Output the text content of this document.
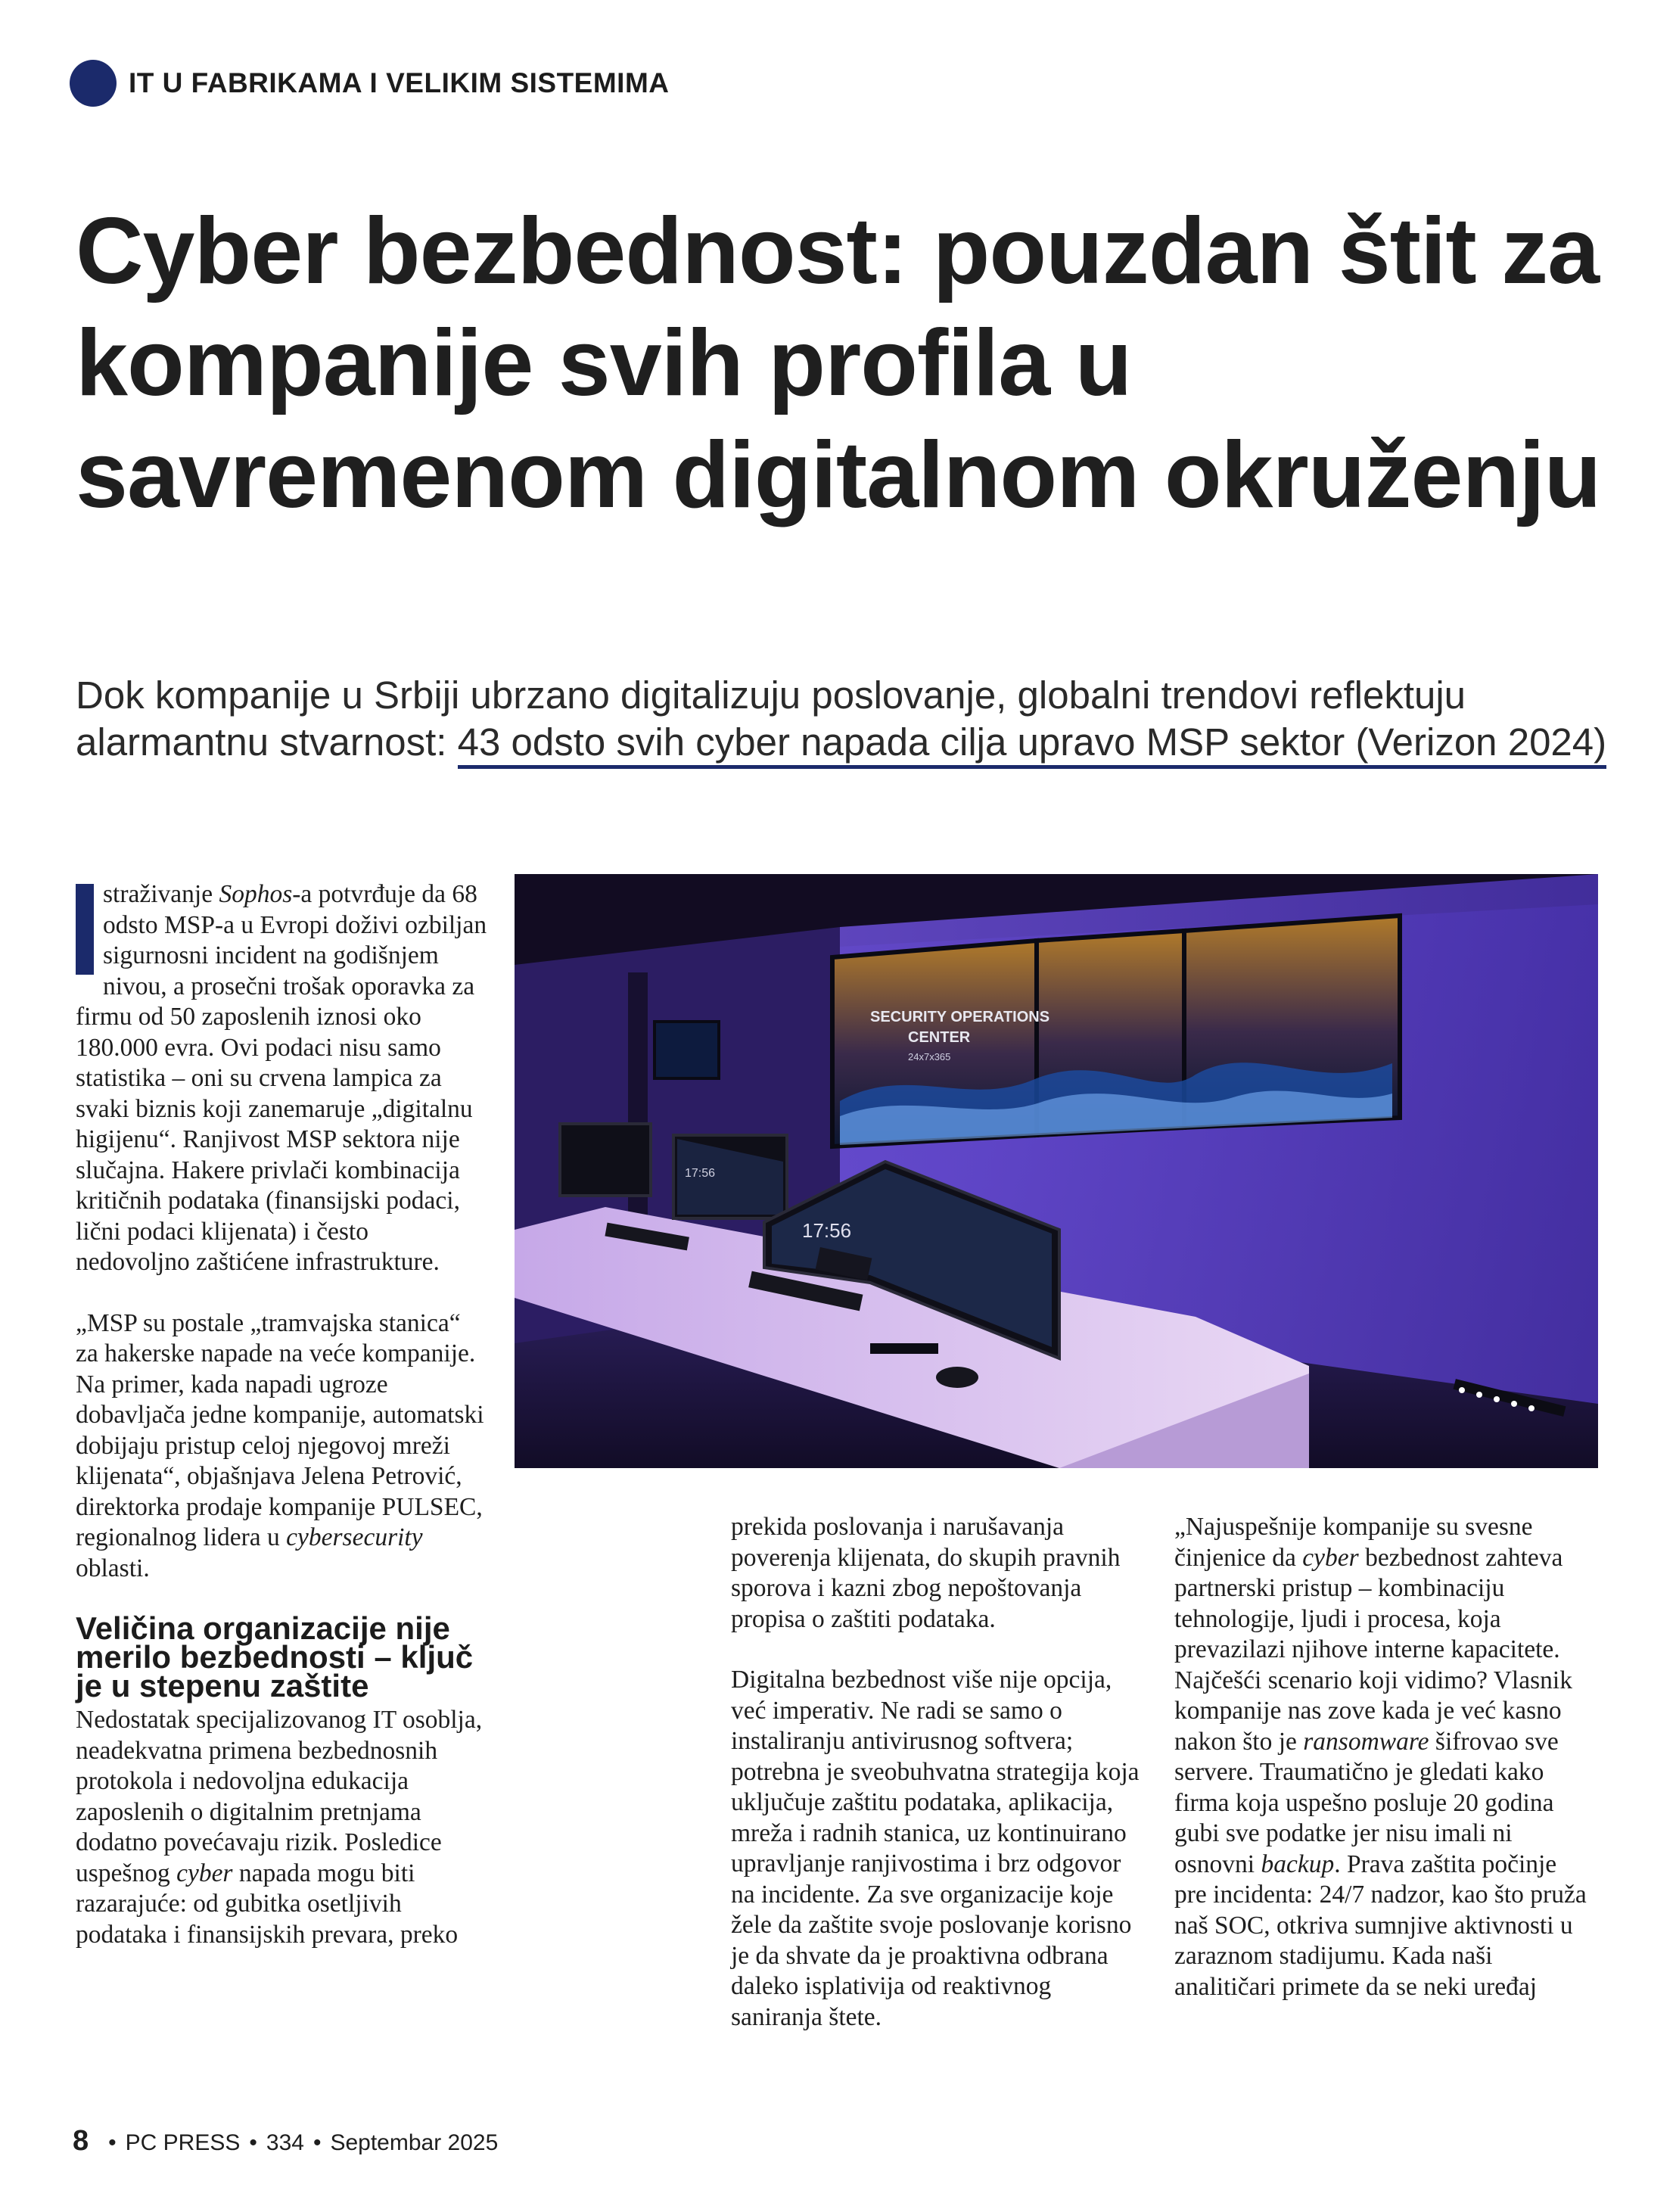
IT U FABRIKAMA I VELIKIM SISTEMIMA
Cyber bezbednost: pouzdan štit za kompanije svih profila u savremenom digitalnom okruženju

Dok kompanije u Srbiji ubrzano digitalizuju poslovanje, globalni trendovi reflektuju alarmantnu stvarnost: 43 odsto svih cyber napada cilja upravo MSP sektor (Verizon 2024)

straživanje Sophos-a potvrđuje da 68 odsto MSP-a u Evropi doživi ozbiljan sigurnosni incident na godišnjem nivou, a prosečni trošak oporavka za firmu od 50 zaposlenih iznosi oko 180.000 evra. Ovi podaci nisu samo statistika – oni su crvena lampica za svaki biznis koji zanemaruje „digitalnu higijenu“. Ranjivost MSP sektora nije slučajna. Hakere privlači kombinacija kritičnih podataka (finansijski podaci, lični podaci klijenata) i često nedovoljno zaštićene infrastrukture.

„MSP su postale „tramvajska stanica“ za hakerske napade na veće kompanije. Na primer, kada napadi ugroze dobavljača jedne kompanije, automatski dobijaju pristup celoj njegovoj mreži klijenata“, objašnjava Jelena Petrović, direktorka prodaje kompanije PULSEC, regionalnog lidera u cybersecurity oblasti.

Veličina organizacije nije merilo bezbednosti – ključ je u stepenu zaštite

Nedostatak specijalizovanog IT osoblja, neadekvatna primena bezbednosnih protokola i nedovoljna edukacija zaposlenih o digitalnim pretnjama dodatno povećavaju rizik. Posledice uspešnog cyber napada mogu biti razarajuće: od gubitka osetljivih podataka i finansijskih prevara, preko

SECURITY OPERATIONS
CENTER
24x7x365
17:56
17:56

prekida poslovanja i narušavanja poverenja klijenata, do skupih pravnih sporova i kazni zbog nepoštovanja propisa o zaštiti podataka.

Digitalna bezbednost više nije opcija, već imperativ. Ne radi se samo o instaliranju antivirusnog softvera; potrebna je sveobuhvatna strategija koja uključuje zaštitu podataka, aplikacija, mreža i radnih stanica, uz kontinuirano upravljanje ranjivostima i brz odgovor na incidente. Za sve organizacije koje žele da zaštite svoje poslovanje korisno je da shvate da je proaktivna odbrana daleko isplativija od reaktivnog saniranja štete.

„Najuspešnije kompanije su svesne činjenice da cyber bezbednost zahteva partnerski pristup – kombinaciju tehnologije, ljudi i procesa, koja prevazilazi njihove interne kapacitete. Najčešći scenario koji vidimo? Vlasnik kompanije nas zove kada je već kasno nakon što je ransomware šifrovao sve servere. Traumatično je gledati kako firma koja uspešno posluje 20 godina gubi sve podatke jer nisu imali ni osnovni backup. Prava zaštita počinje pre incidenta: 24/7 nadzor, kao što pruža naš SOC, otkriva sumnjive aktivnosti u zaraznom stadijumu. Kada naši analitičari primete da se neki uređaj

8 • PC PRESS • 334 • Septembar 2025
